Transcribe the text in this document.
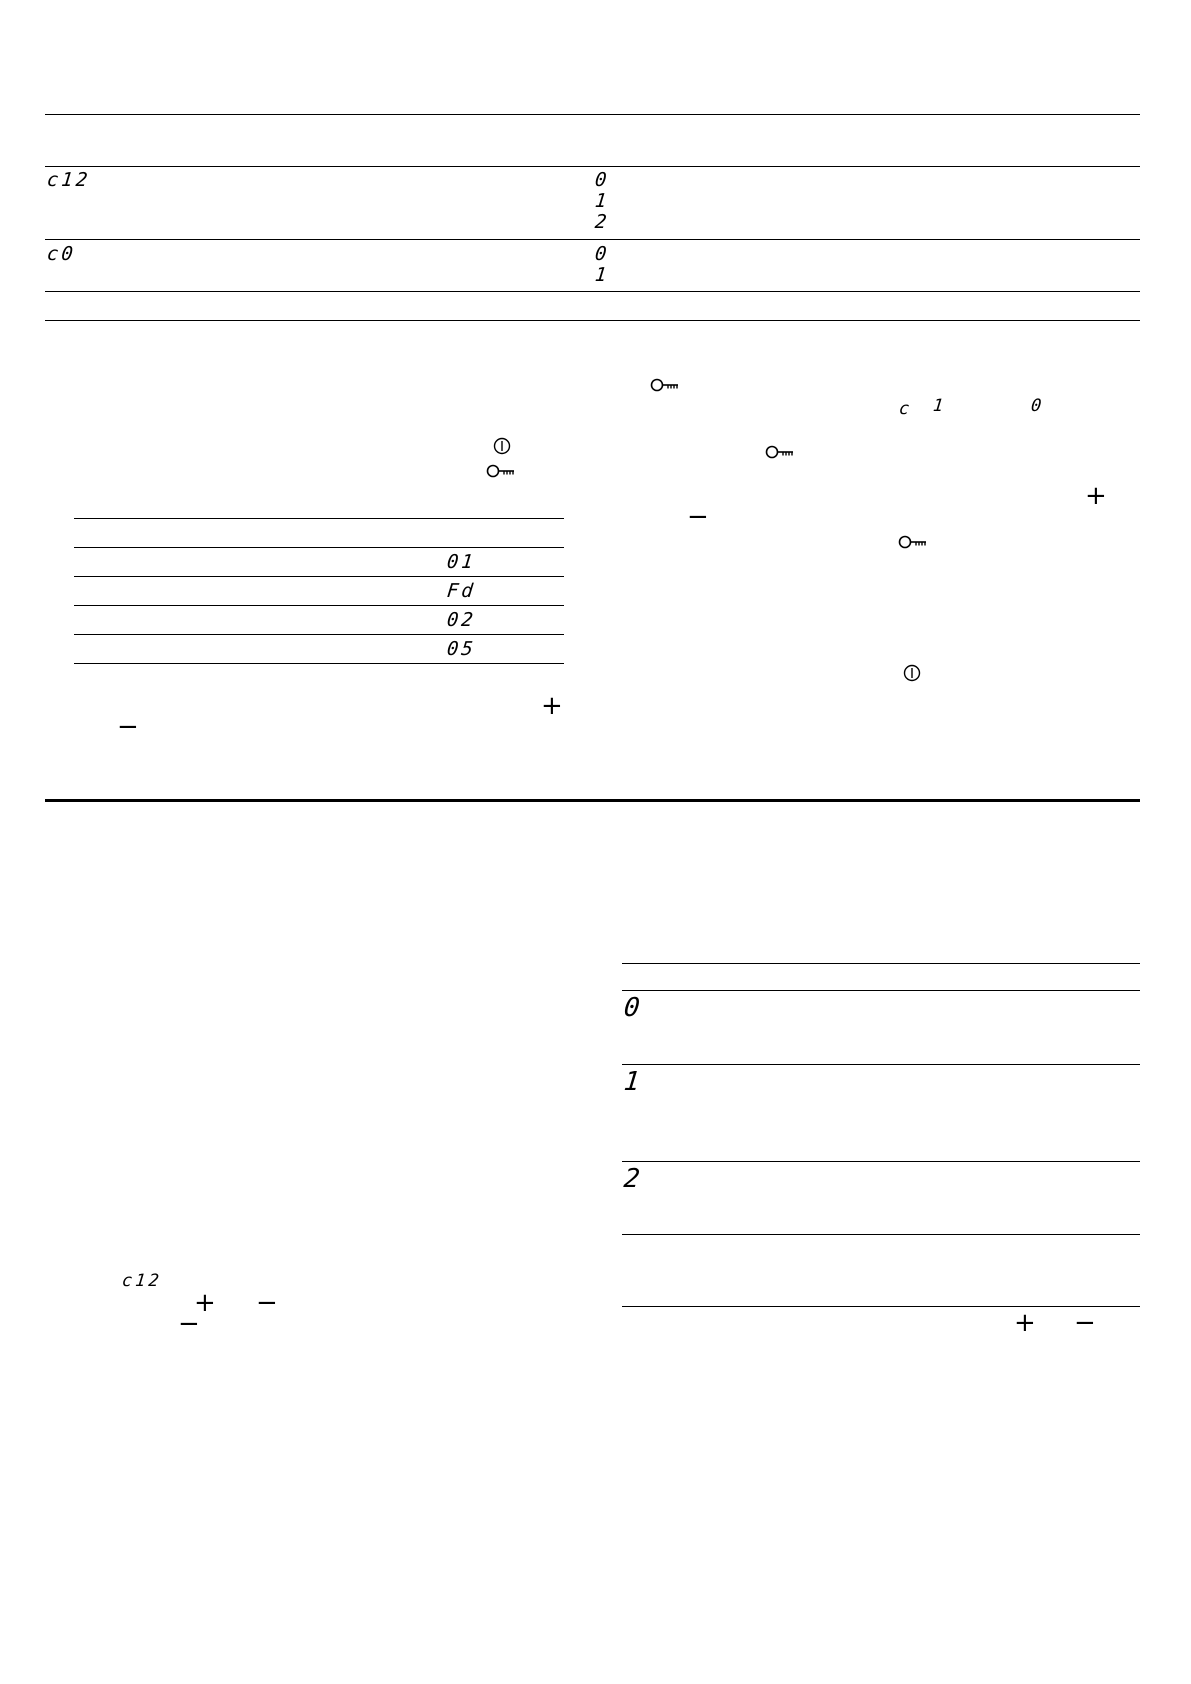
c12	0
1
2
c0	0
1
01
Fd
02
05
+
−
c 1	0
+
−
c12
+ −
−
0
1
2
+ −
